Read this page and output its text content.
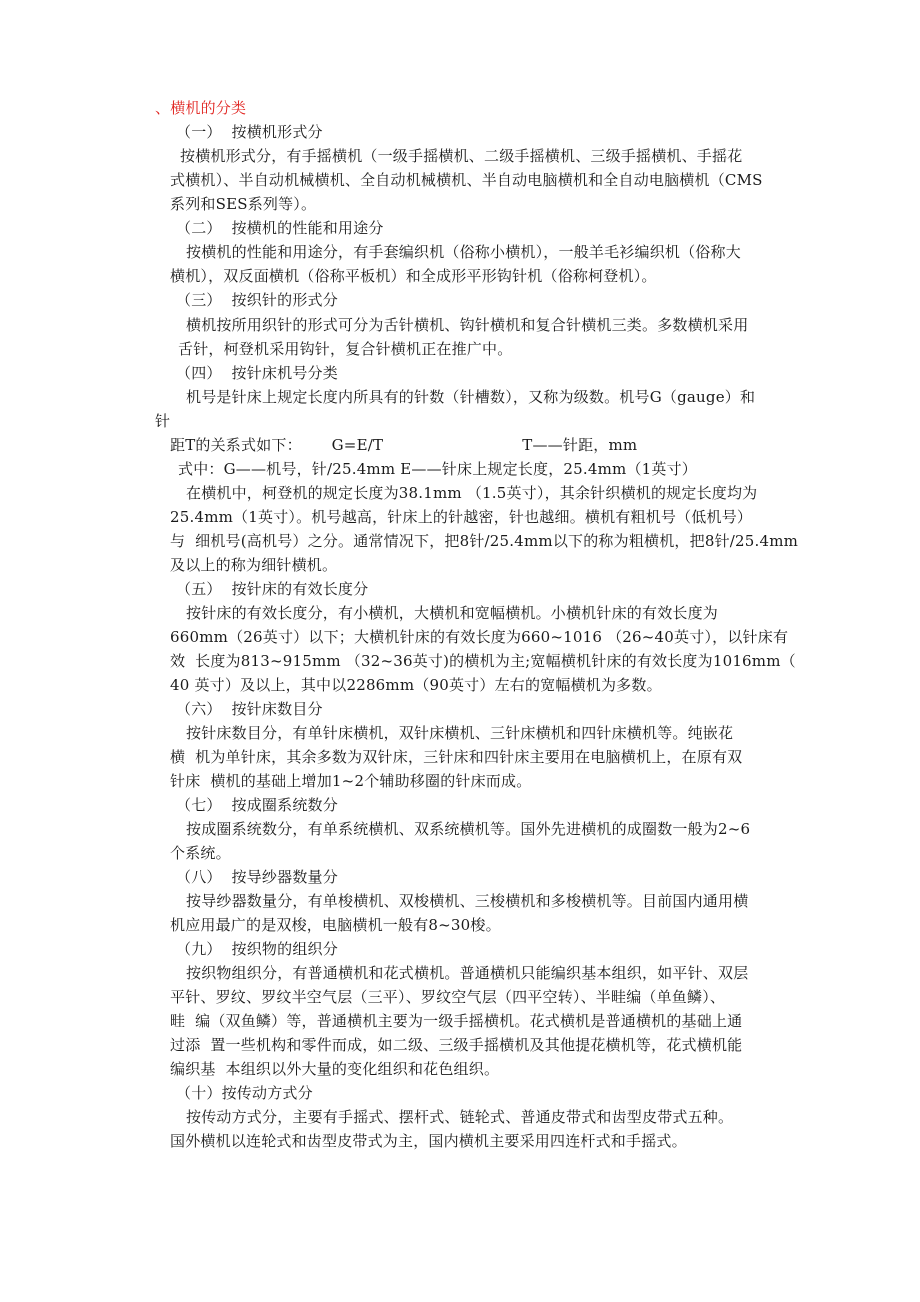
、横机的分类
（一）  按横机形式分
按横机形式分，有手摇横机（一级手摇横机、二级手摇横机、三级手摇横机、手摇花
式横机）、半自动机械横机、全自动机械横机、半自动电脑横机和全自动电脑横机（CMS
系列和SES系列等）。
（二）  按横机的性能和用途分
按横机的性能和用途分，有手套编织机（俗称小横机），一般羊毛衫编织机（俗称大
横机），双反面横机（俗称平板机）和全成形平形钩针机（俗称柯登机）。
（三）  按织针的形式分
横机按所用织针的形式可分为舌针横机、钩针横机和复合针横机三类。多数横机采用
舌针，柯登机采用钩针，复合针横机正在推广中。
（四）  按针床机号分类
机号是针床上规定长度内所具有的针数（针槽数），又称为级数。机号G（gauge）和
针
距T的关系式如下：      G=E/T                            T——针距，mm
式中：G——机号，针/25.4mm E——针床上规定长度，25.4mm（1英寸）
在横机中，柯登机的规定长度为38.1mm （1.5英寸），其余针织横机的规定长度均为
25.4mm（1英寸）。机号越高，针床上的针越密，针也越细。横机有粗机号（低机号）
与  细机号(高机号）之分。通常情况下，把8针/25.4mm以下的称为粗横机，把8针/25.4mm
及以上的称为细针横机。
（五）  按针床的有效长度分
按针床的有效长度分，有小横机，大横机和宽幅横机。小横机针床的有效长度为
660mm（26英寸）以下；大横机针床的有效长度为660~1016 （26~40英寸），以针床有
效  长度为813~915mm （32~36英寸)的横机为主;宽幅横机针床的有效长度为1016mm（
40 英寸）及以上，其中以2286mm（90英寸）左右的宽幅横机为多数。
（六）  按针床数目分
按针床数目分，有单针床横机，双针床横机、三针床横机和四针床横机等。纯嵌花
横  机为单针床，其余多数为双针床，三针床和四针床主要用在电脑横机上，在原有双
针床  横机的基础上增加1~2个辅助移圈的针床而成。
（七）  按成圈系统数分
按成圈系统数分，有单系统横机、双系统横机等。国外先进横机的成圈数一般为2~6
个系统。
（八）  按导纱器数量分
按导纱器数量分，有单梭横机、双梭横机、三梭横机和多梭横机等。目前国内通用横
机应用最广的是双梭，电脑横机一般有8~30梭。
（九）  按织物的组织分
按织物组织分，有普通横机和花式横机。普通横机只能编织基本组织，如平针、双层
平针、罗纹、罗纹半空气层（三平）、罗纹空气层（四平空转）、半畦编（单鱼鳞）、
畦  编（双鱼鳞）等，普通横机主要为一级手摇横机。花式横机是普通横机的基础上通
过添  置一些机构和零件而成，如二级、三级手摇横机及其他提花横机等，花式横机能
编织基  本组织以外大量的变化组织和花色组织。
（十）按传动方式分
按传动方式分，主要有手摇式、摆杆式、链轮式、普通皮带式和齿型皮带式五种。
国外横机以连轮式和齿型皮带式为主，国内横机主要采用四连杆式和手摇式。
